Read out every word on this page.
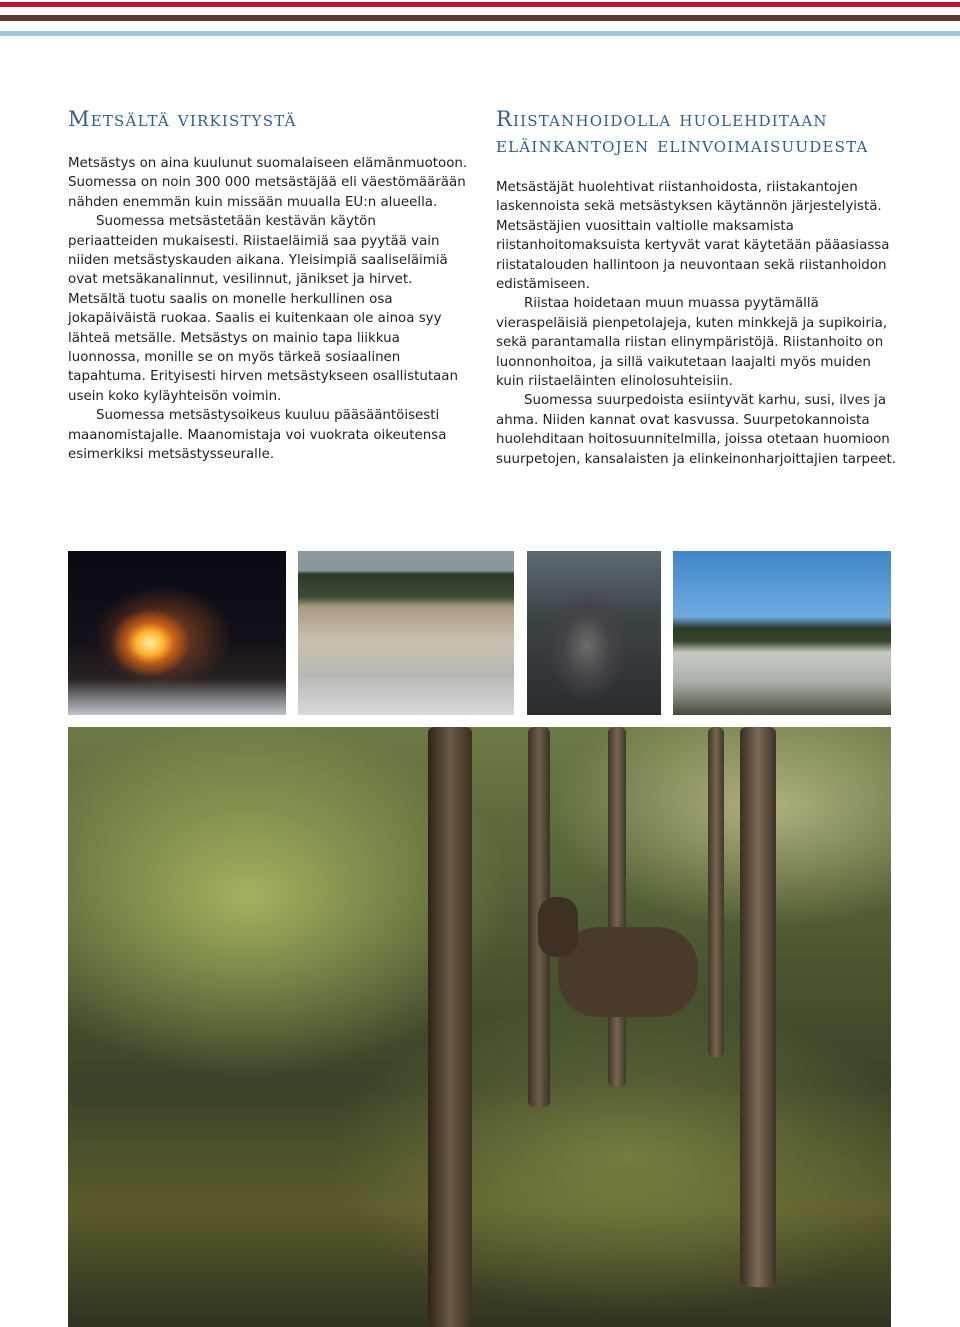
Metsältä virkistystä

Metsästys on aina kuulunut suomalaiseen elämänmuotoon. Suomessa on noin 300 000 metsästäjää eli väestömäärään nähden enemmän kuin missään muualla EU:n alueella.

Suomessa metsästetään kestävän käytön periaatteiden mukaisesti. Riistaeläimiä saa pyytää vain niiden metsästyskauden aikana. Yleisimpiä saaliseläimiä ovat metsäkanalinnut, vesilinnut, jänikset ja hirvet. Metsältä tuotu saalis on monelle herkullinen osa jokapäiväistä ruokaa. Saalis ei kuitenkaan ole ainoa syy lähteä metsälle. Metsästys on mainio tapa liikkua luonnossa, monille se on myös tärkeä sosiaalinen tapahtuma. Erityisesti hirven metsästykseen osallistutaan usein koko kyläyhteisön voimin.

Suomessa metsästysoikeus kuuluu pääsääntöisesti maanomistajalle. Maanomistaja voi vuokrata oikeutensa esimerkiksi metsästysseuralle.

Riistanhoidolla huolehditaan eläinkantojen elinvoimaisuudesta

Metsästäjät huolehtivat riistanhoidosta, riistakantojen laskennoista sekä metsästyksen käytännön järjestelyistä. Metsästäjien vuosittain valtiolle maksamista riistanhoitomaksuista kertyvät varat käytetään pääasiassa riistatalouden hallintoon ja neuvontaan sekä riistanhoidon edistämiseen.

Riistaa hoidetaan muun muassa pyytämällä vieraspeläisiä pienpetolajeja, kuten minkkejä ja supikoiria, sekä parantamalla riistan elinympäristöjä. Riistanhoito on luonnonhoitoa, ja sillä vaikutetaan laajalti myös muiden kuin riistaeläinten elinolosuhteisiin.

Suomessa suurpedoista esiintyvät karhu, susi, ilves ja ahma. Niiden kannat ovat kasvussa. Suurpetokannoista huolehditaan hoitosuunnitelmilla, joissa otetaan huomioon suurpetojen, kansalaisten ja elinkeinonharjoittajien tarpeet.
